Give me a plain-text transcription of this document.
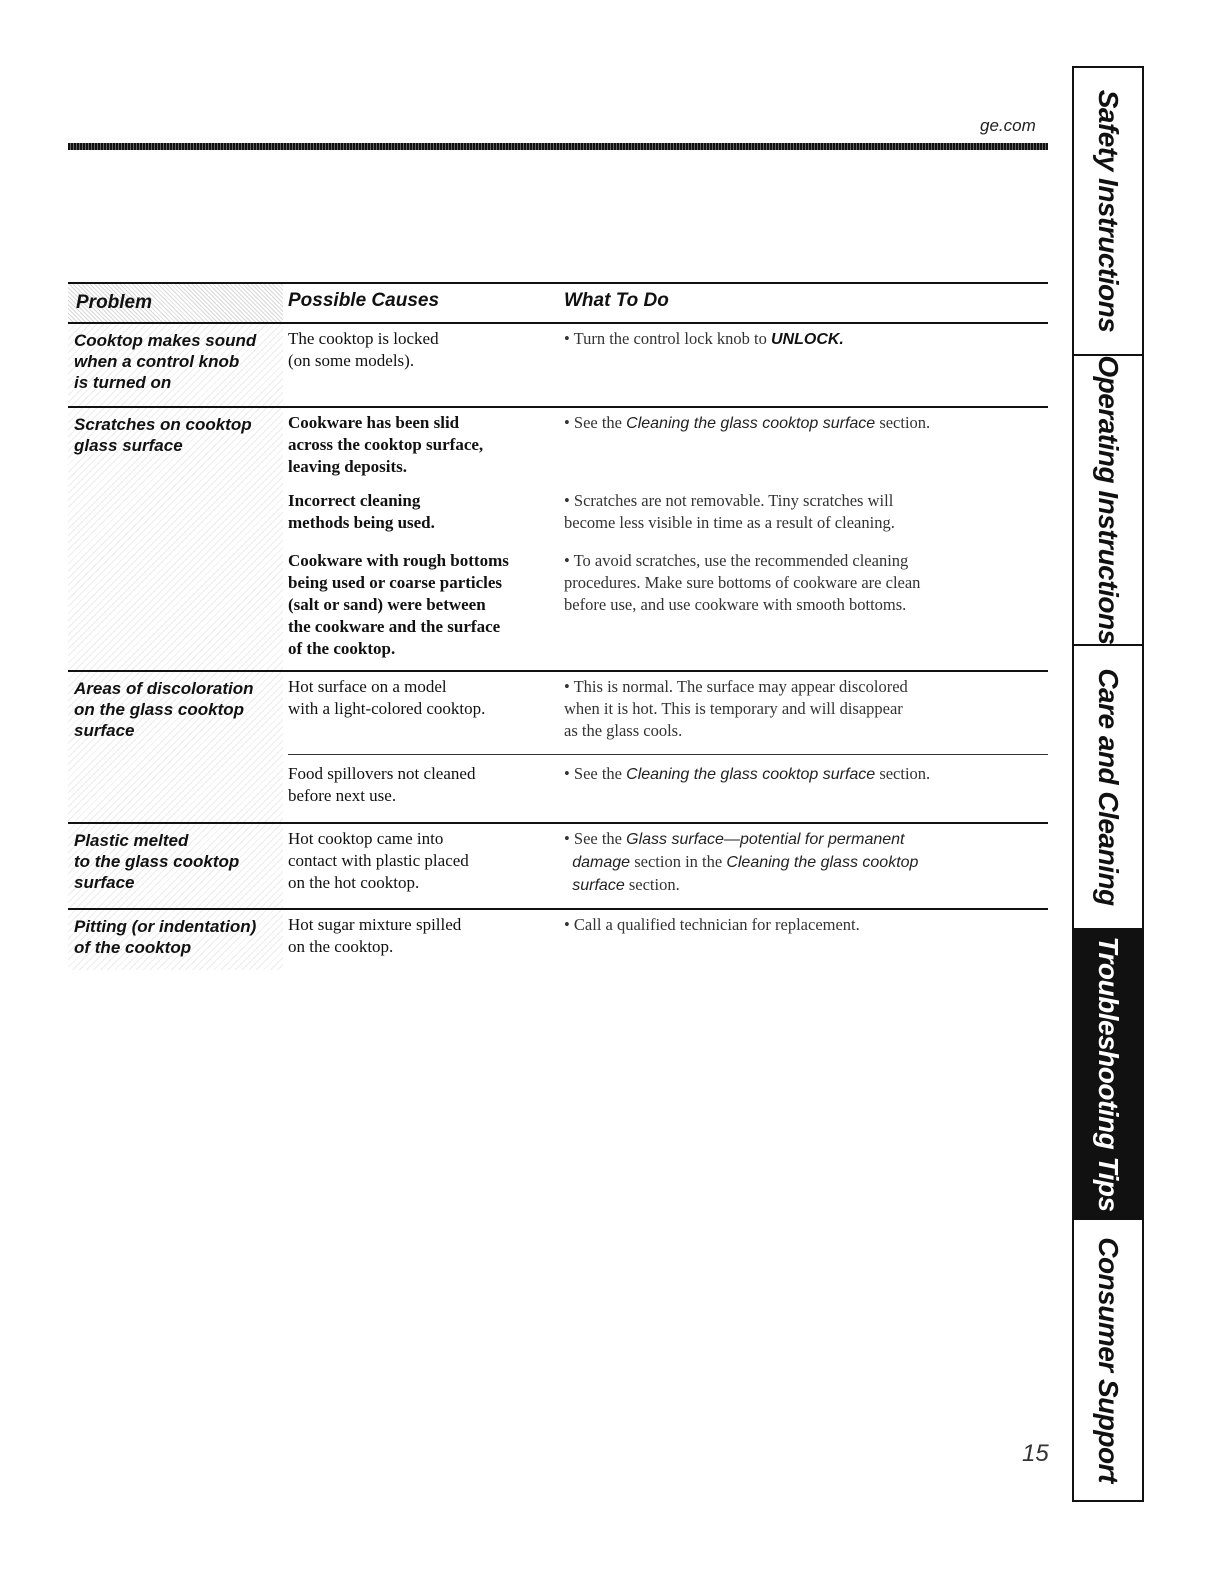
ge.com
Problem	Possible Causes	What To Do
Cooktop makes sound
when a control knob
is turned on
The cooktop is locked
(on some models).
• Turn the control lock knob to UNLOCK.
Scratches on cooktop
glass surface
Cookware has been slid
across the cooktop surface,
leaving deposits.
• See the Cleaning the glass cooktop surface section.
Incorrect cleaning
methods being used.
• Scratches are not removable. Tiny scratches will
become less visible in time as a result of cleaning.
Cookware with rough bottoms
being used or coarse particles
(salt or sand) were between
the cookware and the surface
of the cooktop.
• To avoid scratches, use the recommended cleaning
procedures. Make sure bottoms of cookware are clean
before use, and use cookware with smooth bottoms.
Areas of discoloration
on the glass cooktop
surface
Hot surface on a model
with a light-colored cooktop.
• This is normal. The surface may appear discolored
when it is hot. This is temporary and will disappear
as the glass cools.
Food spillovers not cleaned
before next use.
• See the Cleaning the glass cooktop surface section.
Plastic melted
to the glass cooktop
surface
Hot cooktop came into
contact with plastic placed
on the hot cooktop.
• See the Glass surface—potential for permanent
damage section in the Cleaning the glass cooktop
surface section.
Pitting (or indentation)
of the cooktop
Hot sugar mixture spilled
on the cooktop.
• Call a qualified technician for replacement.
Safety Instructions
Operating Instructions
Care and Cleaning
Troubleshooting Tips
Consumer Support
15
